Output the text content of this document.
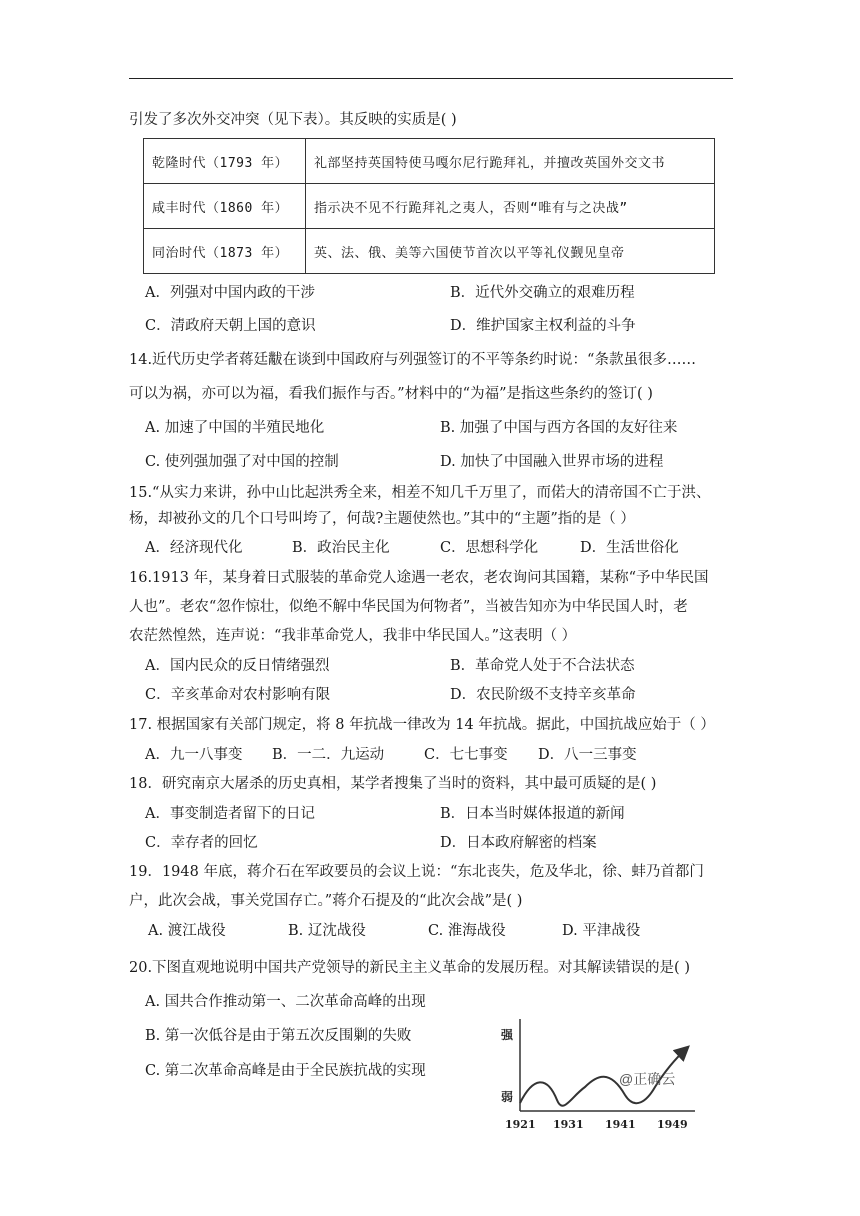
引发了多次外交冲突（见下表）。其反映的实质是( )
乾隆时代（1793 年）	礼部坚持英国特使马嘎尔尼行跪拜礼，并擅改英国外交文书
咸丰时代（1860 年）	指示决不见不行跪拜礼之夷人，否则“唯有与之决战”
同治时代（1873 年）	英、法、俄、美等六国使节首次以平等礼仪觐见皇帝
A．列强对中国内政的干涉	B．近代外交确立的艰难历程
C．清政府天朝上国的意识	D．维护国家主权利益的斗争
14.近代历史学者蒋廷黻在谈到中国政府与列强签订的不平等条约时说：“条款虽很多……
可以为祸，亦可以为福，看我们振作与否。”材料中的“为福”是指这些条约的签订( )
A. 加速了中国的半殖民地化	B. 加强了中国与西方各国的友好往来
C. 使列强加强了对中国的控制	D. 加快了中国融入世界市场的进程
15.“从实力来讲，孙中山比起洪秀全来，相差不知几千万里了，而偌大的清帝国不亡于洪、
杨，却被孙文的几个口号叫垮了，何哉?主题使然也。”其中的“主题”指的是（ ）
A．经济现代化	B．政治民主化	C．思想科学化	D．生活世俗化
16.1913 年，某身着日式服装的革命党人途遇一老农，老农询问其国籍，某称“予中华民国
人也”。老农“忽作惊壮，似绝不解中华民国为何物者”，当被告知亦为中华民国人时，老
农茫然惶然，连声说：“我非革命党人，我非中华民国人。”这表明（ ）
A．国内民众的反日情绪强烈	B．革命党人处于不合法状态
C．辛亥革命对农村影响有限	D．农民阶级不支持辛亥革命
17. 根据国家有关部门规定，将 8 年抗战一律改为 14 年抗战。据此，中国抗战应始于（ ）
A．九一八事变 B．一二．九运动	C．七七事变 D．八一三事变
18．研究南京大屠杀的历史真相，某学者搜集了当时的资料，其中最可质疑的是( )
A．事变制造者留下的日记	B．日本当时媒体报道的新闻
C．幸存者的回忆	D．日本政府解密的档案
19．1948 年底，蒋介石在军政要员的会议上说：“东北丧失，危及华北，徐、蚌乃首都门
户，此次会战，事关党国存亡。”蒋介石提及的“此次会战”是( )
A. 渡江战役	B. 辽沈战役	C. 淮海战役	D. 平津战役
20.下图直观地说明中国共产党领导的新民主主义革命的发展历程。对其解读错误的是( )
A. 国共合作推动第一、二次革命高峰的出现
B. 第一次低谷是由于第五次反围剿的失败
C. 第二次革命高峰是由于全民族抗战的实现
强
弱
@正确云
1921 1931 1941 1949
